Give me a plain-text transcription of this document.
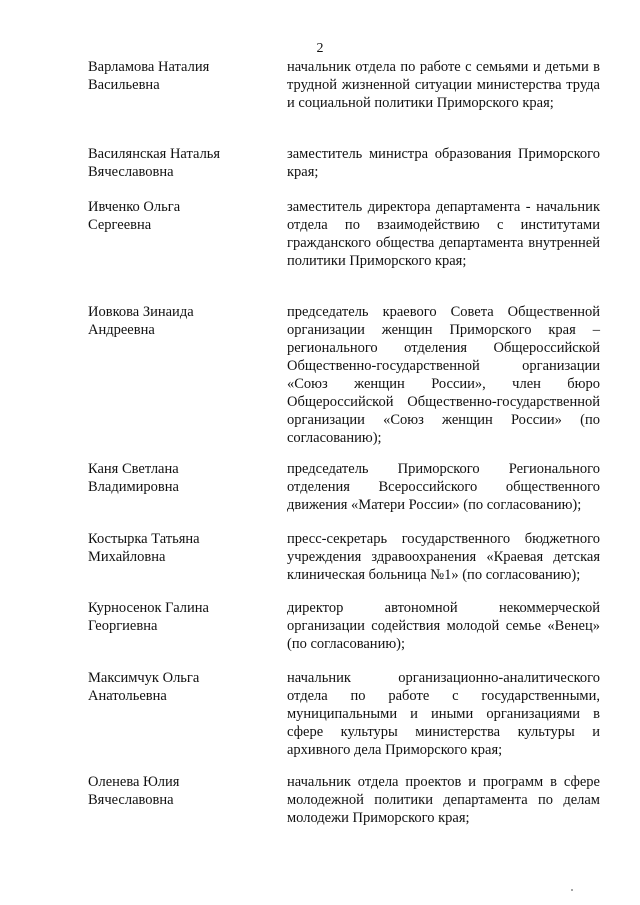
2
Варламова Наталия
Васильевна
начальник отдела по работе с семьями и детьми в трудной жизненной ситуации министерства труда и социальной политики Приморского края;
Василянская Наталья
Вячеславовна
заместитель министра образования Приморского края;
Ивченко Ольга
Сергеевна
заместитель директора департамента - начальник отдела по взаимодействию с институтами гражданского общества департамента внутренней политики Приморского края;
Иовкова Зинаида
Андреевна
председатель краевого Совета Общественной организации женщин Приморского края – регионального отделения Общероссийской Общественно-государственной организации «Союз женщин России», член бюро Общероссийской Общественно-государственной организации «Союз женщин России» (по согласованию);
Каня Светлана
Владимировна
председатель Приморского Регионального отделения Всероссийского общественного движения «Матери России» (по согласованию);
Костырка Татьяна
Михайловна
пресс-секретарь государственного бюджетного учреждения здравоохранения «Краевая детская клиническая больница №1» (по согласованию);
Курносенок Галина
Георгиевна
директор автономной некоммерческой организации содействия молодой семье «Венец» (по согласованию);
Максимчук Ольга
Анатольевна
начальник организационно-аналитического отдела по работе с государственными, муниципальными и иными организациями в сфере культуры министерства культуры и архивного дела Приморского края;
Оленева Юлия
Вячеславовна
начальник отдела проектов и программ в сфере молодежной политики департамента по делам молодежи Приморского края;
